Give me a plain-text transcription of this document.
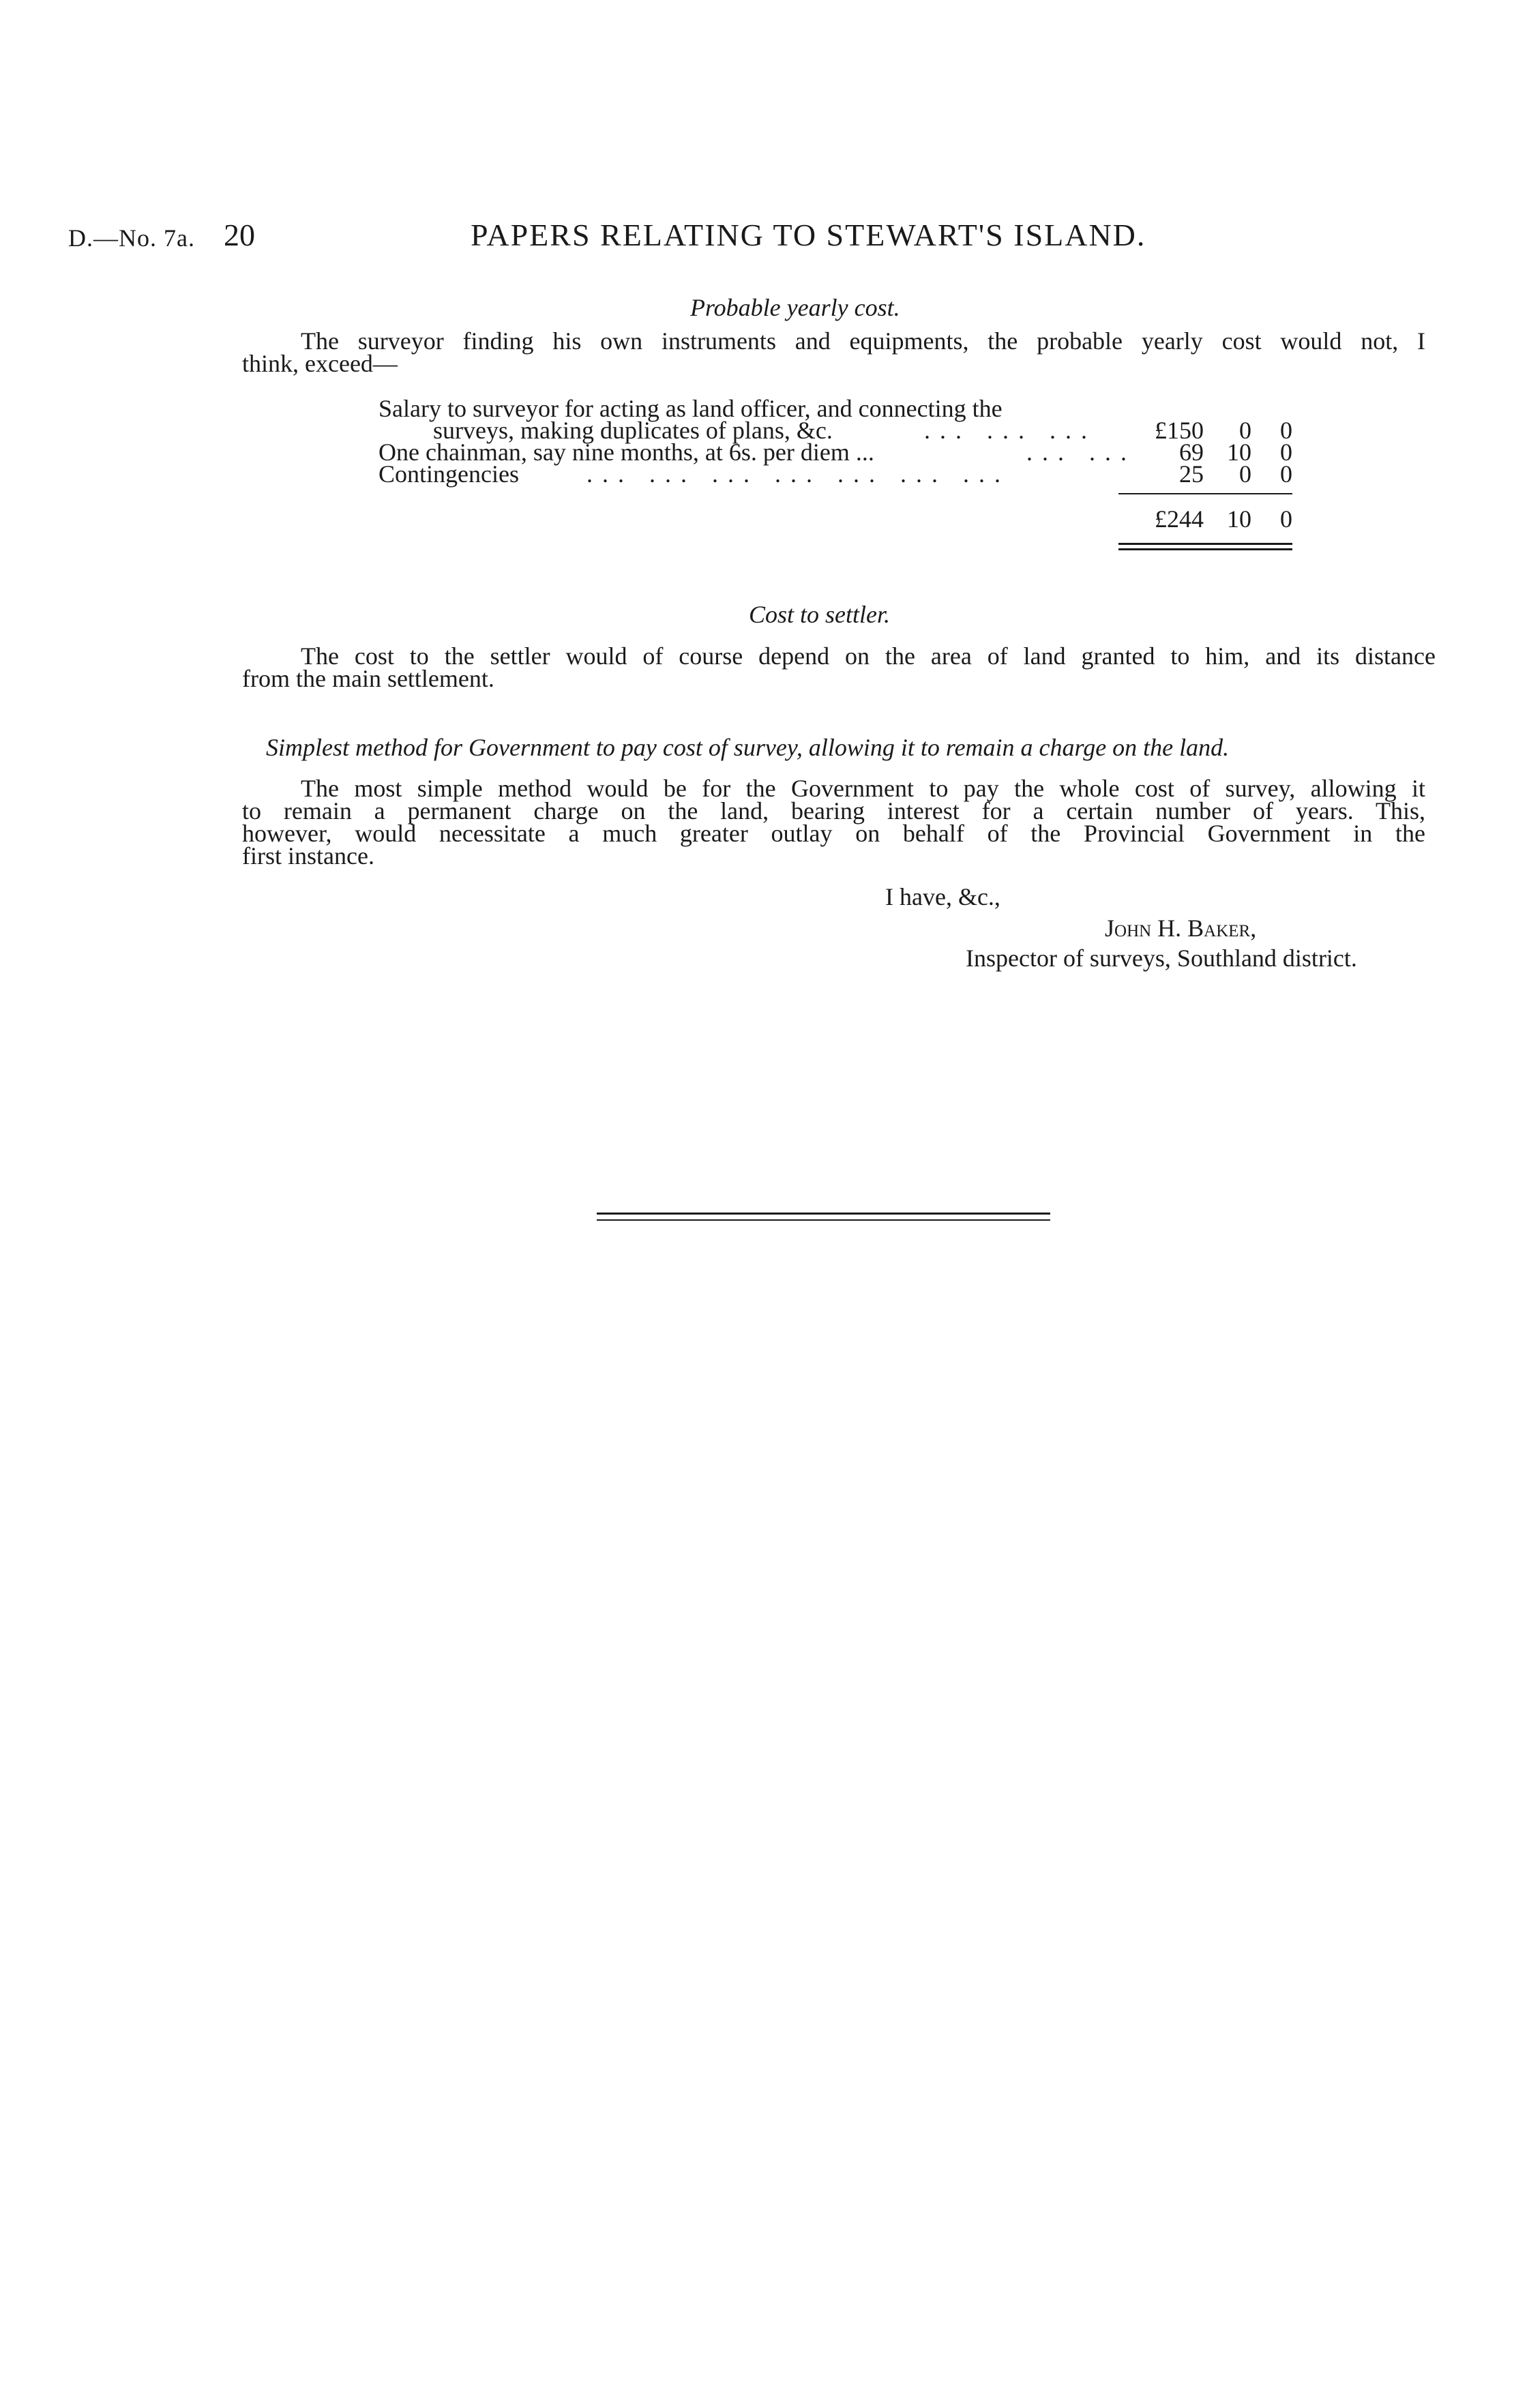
D.—No. 7a. 20	PAPERS RELATING TO STEWART'S ISLAND.
Probable yearly cost.
The surveyor finding his own instruments and equipments, the probable yearly cost would not, I
think, exceed—
Salary to surveyor for acting as land officer, and connecting the
surveys, making duplicates of plans, &c.	... ... ... £150 0 0
One chainman, say nine months, at 6s. per diem ...	... ... 69 10 0
Contingencies	... ... ... ... ... ... ...	25 0 0
£244 10 0
Cost to settler.
The cost to the settler would of course depend on the area of land granted to him, and its distance
from the main settlement.
Simplest method for Government to pay cost of survey, allowing it to remain a charge on the land.
The most simple method would be for the Government to pay the whole cost of survey, allowing it
to remain a permanent charge on the land, bearing interest for a certain number of years. This,
however, would necessitate a much greater outlay on behalf of the Provincial Government in the
first instance.
I have, &c.,
John H. Baker,
Inspector of surveys, Southland district.
